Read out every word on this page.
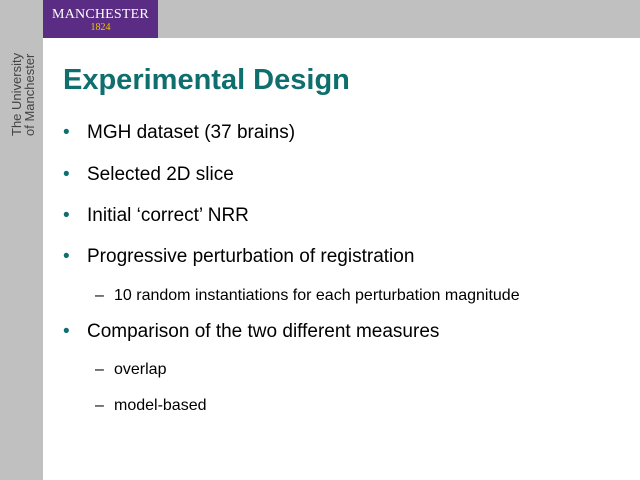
MANCHESTER
1824
The University
of Manchester Experimental Design
• MGH dataset (37 brains)
• Selected 2D slice
• Initial ‘correct’ NRR
• Progressive perturbation of registration
– 10 random instantiations for each perturbation magnitude
• Comparison of the two different measures
– overlap
– model-based
